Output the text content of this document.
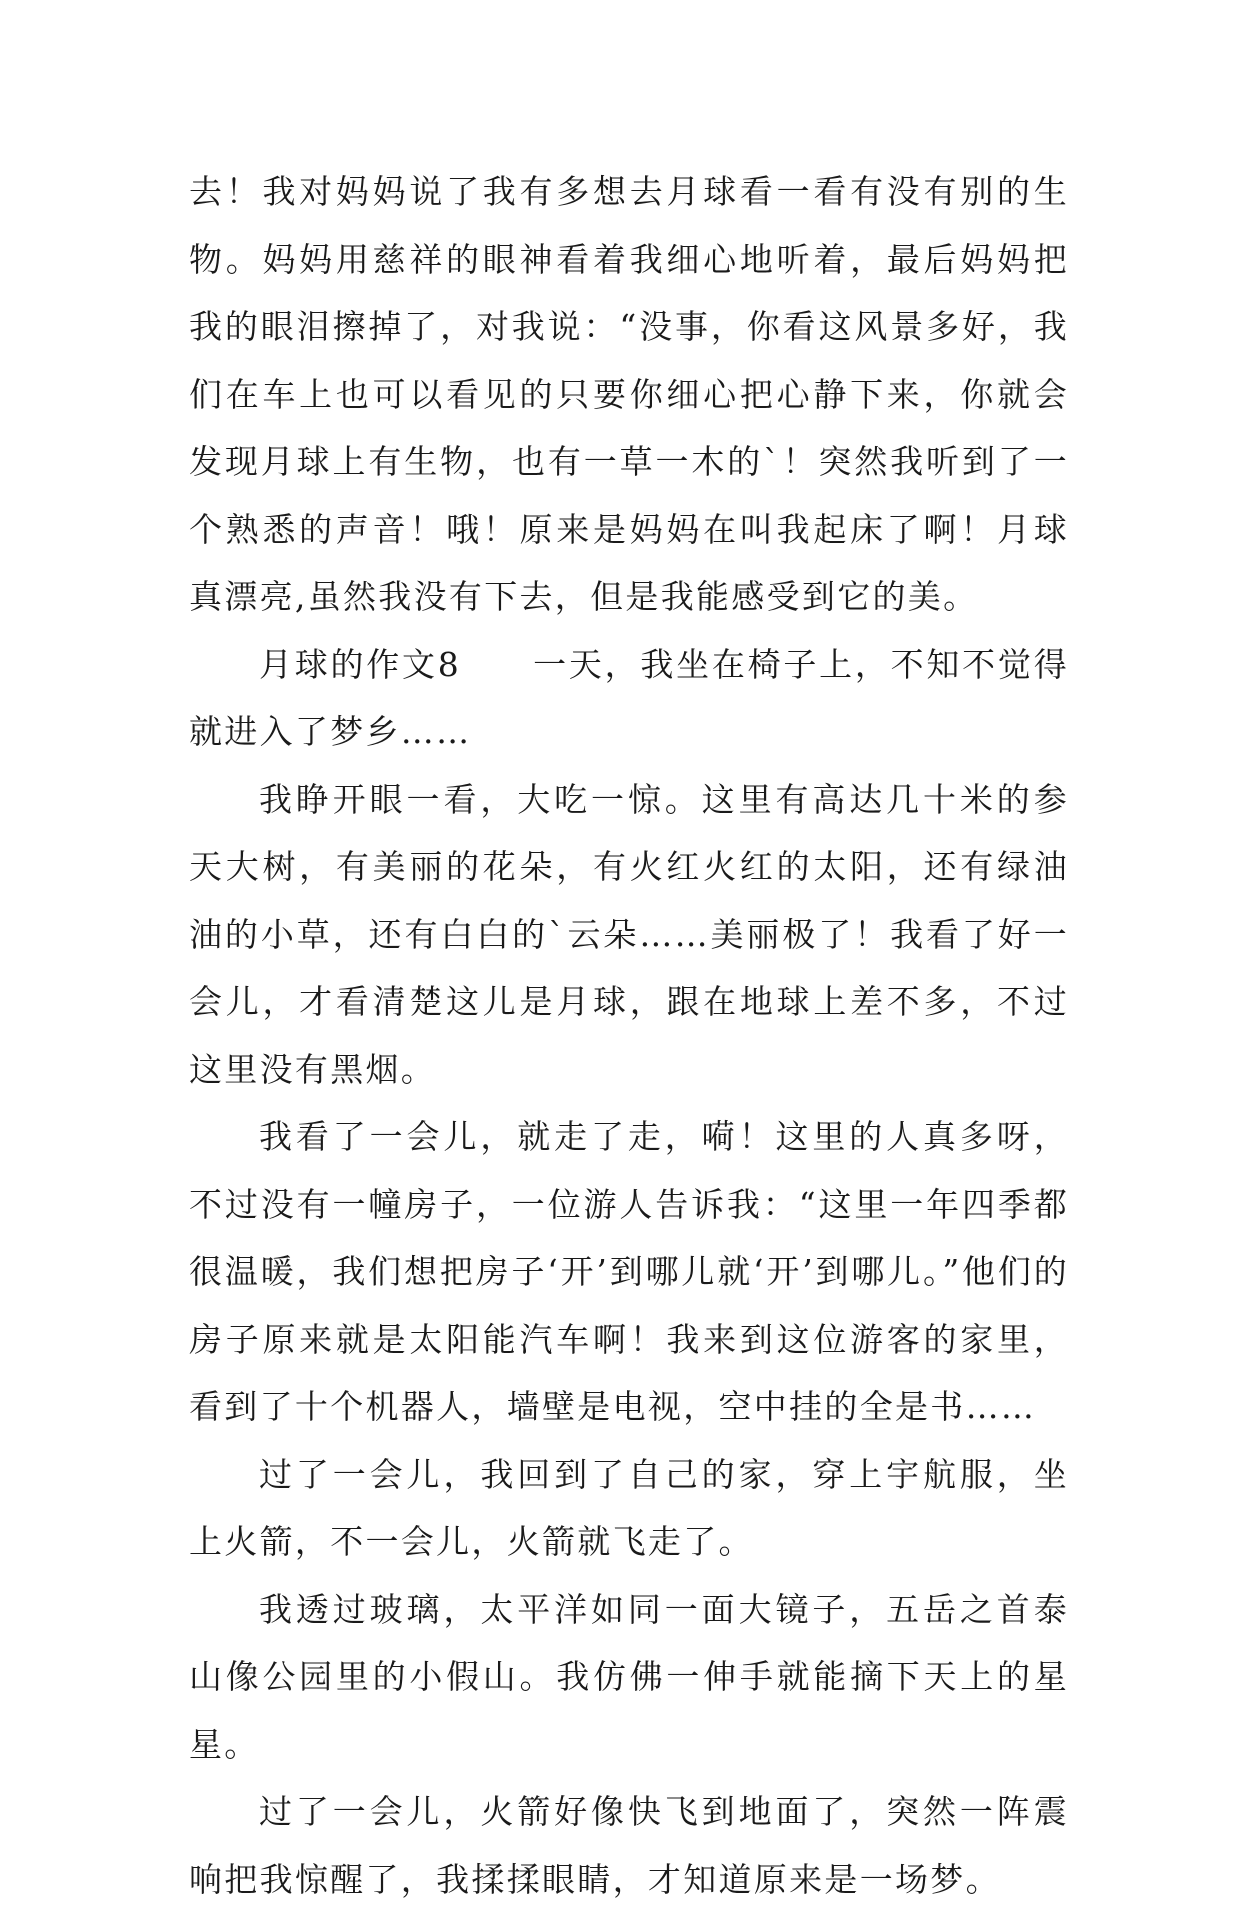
去！我对妈妈说了我有多想去月球看一看有没有别的生物。妈妈用慈祥的眼神看着我细心地听着，最后妈妈把我的眼泪擦掉了，对我说：“没事，你看这风景多好，我们在车上也可以看见的只要你细心把心静下来，你就会发现月球上有生物，也有一草一木的`！突然我听到了一个熟悉的声音！哦！原来是妈妈在叫我起床了啊！月球真漂亮,虽然我没有下去，但是我能感受到它的美。

月球的作文8　　一天，我坐在椅子上，不知不觉得就进入了梦乡……

我睁开眼一看，大吃一惊。这里有高达几十米的参天大树，有美丽的花朵，有火红火红的太阳，还有绿油油的小草，还有白白的`云朵……美丽极了！我看了好一会儿，才看清楚这儿是月球，跟在地球上差不多，不过这里没有黑烟。

我看了一会儿，就走了走，嗬！这里的人真多呀，不过没有一幢房子，一位游人告诉我：“这里一年四季都很温暖，我们想把房子‘开’到哪儿就‘开’到哪儿。”他们的房子原来就是太阳能汽车啊！我来到这位游客的家里，看到了十个机器人，墙壁是电视，空中挂的全是书……

过了一会儿，我回到了自己的家，穿上宇航服，坐上火箭，不一会儿，火箭就飞走了。

我透过玻璃，太平洋如同一面大镜子，五岳之首泰山像公园里的小假山。我仿佛一伸手就能摘下天上的星星。

过了一会儿，火箭好像快飞到地面了，突然一阵震响把我惊醒了，我揉揉眼睛，才知道原来是一场梦。
